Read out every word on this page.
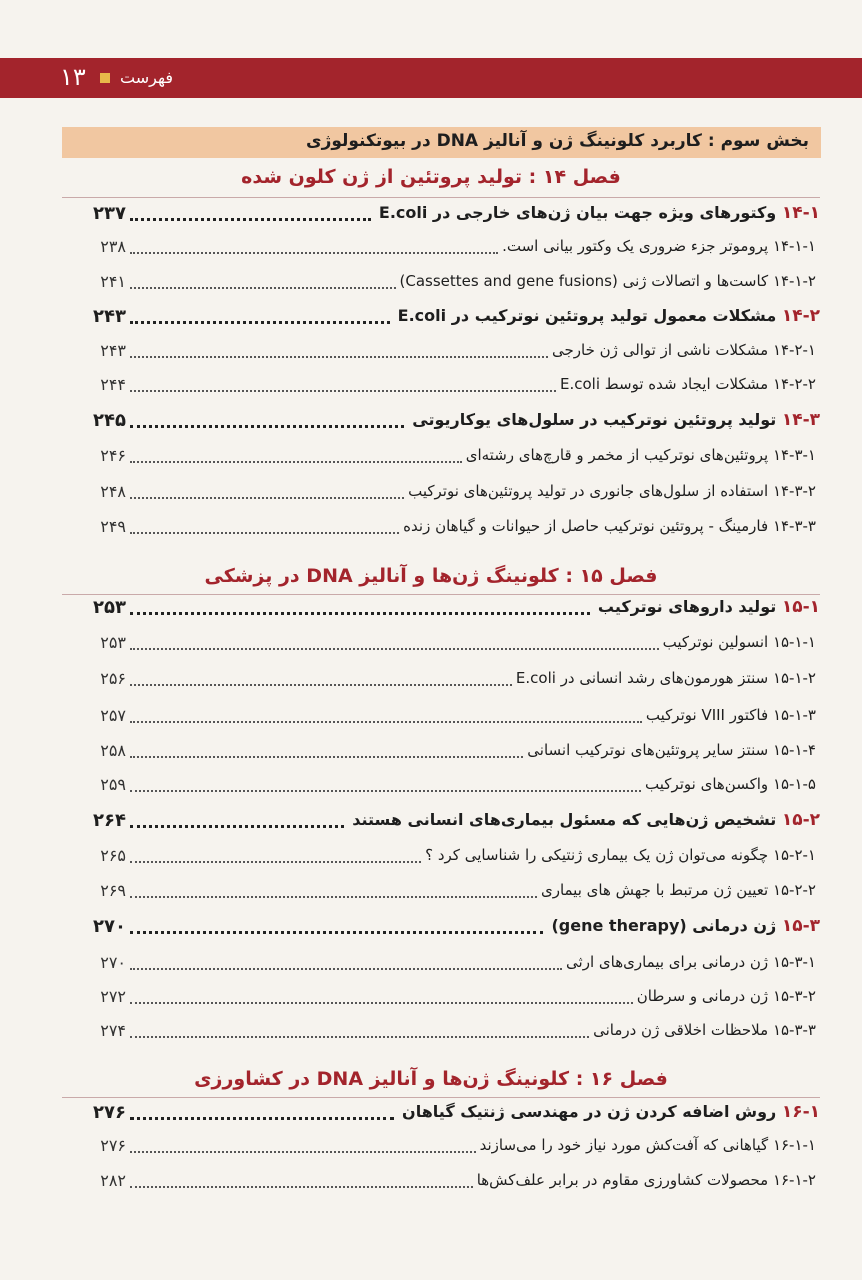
۱۳ فهرست
بخش سوم : کاربرد کلونینگ ژن و آنالیز DNA در بیوتکنولوژی
فصل ۱۴ : تولید پروتئین از ژن کلون شده
فصل ۱۵ : کلونینگ ژن‌ها و آنالیز DNA در پزشکی
فصل ۱۶ : کلونینگ ژن‌ها و آنالیز DNA در کشاورزی
۲۳۷	۱۴-۱ وکتورهای ویژه جهت بیان ژن‌های خارجی در E.coli
۲۳۸	۱۴-۱-۱ پروموتر جزء ضروری یک وکتور بیانی است.
۲۴۱	۱۴-۱-۲ کاست‌ها و اتصالات ژنی (Cassettes and gene fusions)
۲۴۳	۱۴-۲ مشکلات معمول تولید پروتئین نوترکیب در E.coli
۲۴۳	۱۴-۲-۱ مشکلات ناشی از توالی ژن خارجی
۲۴۴	۱۴-۲-۲ مشکلات ایجاد شده توسط E.coli
۲۴۵	۱۴-۳ تولید پروتئین نوترکیب در سلول‌های یوکاریوتی
۲۴۶	۱۴-۳-۱ پروتئین‌های نوترکیب از مخمر و قارچ‌های رشته‌ای
۲۴۸	۱۴-۳-۲ استفاده از سلول‌های جانوری در تولید پروتئین‌های نوترکیب
۲۴۹	۱۴-۳-۳ فارمینگ - پروتئین نوترکیب حاصل از حیوانات و گیاهان زنده
۲۵۳	۱۵-۱ تولید داروهای نوترکیب
۲۵۳	۱۵-۱-۱ انسولین نوترکیب
۲۵۶	۱۵-۱-۲ سنتز هورمون‌های رشد انسانی در E.coli
۲۵۷	۱۵-۱-۳ فاکتور VIII نوترکیب
۲۵۸	۱۵-۱-۴ سنتز سایر پروتئین‌های نوترکیب انسانی
۲۵۹	۱۵-۱-۵ واکسن‌های نوترکیب
۲۶۴	۱۵-۲ تشخیص ژن‌هایی که مسئول بیماری‌های انسانی هستند
۲۶۵	۱۵-۲-۱ چگونه می‌توان ژن یک بیماری ژنتیکی را شناسایی کرد ؟
۲۶۹	۱۵-۲-۲ تعیین ژن مرتبط با جهش های بیماری
۲۷۰	۱۵-۳ ژن درمانی (gene therapy)
۲۷۰	۱۵-۳-۱ ژن درمانی برای بیماری‌های ارثی
۲۷۲	۱۵-۳-۲ ژن درمانی و سرطان
۲۷۴	۱۵-۳-۳ ملاحظات اخلاقی ژن درمانی
۲۷۶	۱۶-۱ روش اضافه کردن ژن در مهندسی ژنتیک گیاهان
۲۷۶	۱۶-۱-۱ گیاهانی که آفت‌کش مورد نیاز خود را می‌سازند
۲۸۲	۱۶-۱-۲ محصولات کشاورزی مقاوم در برابر علف‌کش‌ها
